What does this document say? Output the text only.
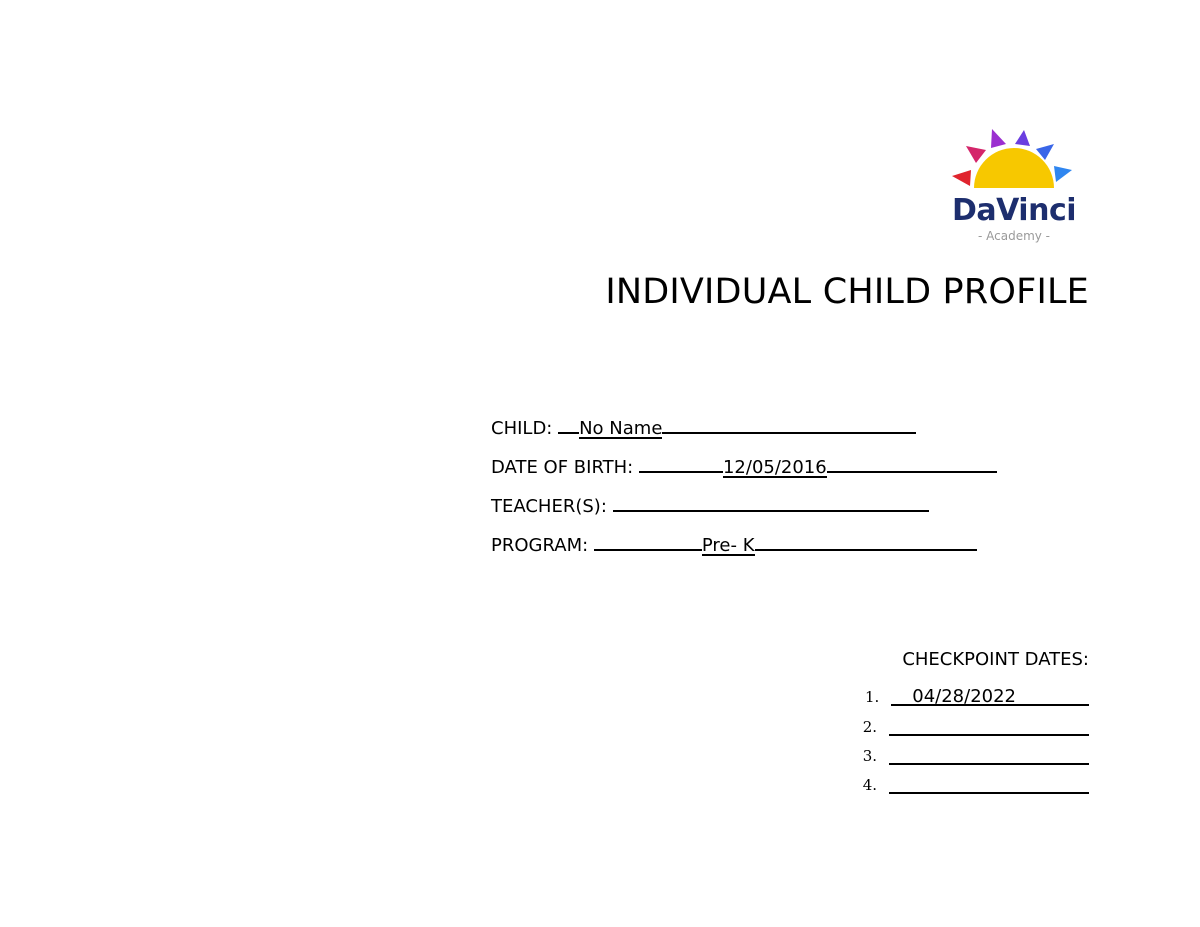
DaVinci
- Academy -
INDIVIDUAL CHILD PROFILE
CHILD: No Name
DATE OF BIRTH:	12/05/2016
TEACHER(S):
PROGRAM:	Pre- K
CHECKPOINT DATES:
1. 04/28/2022
2.
3.
4.
